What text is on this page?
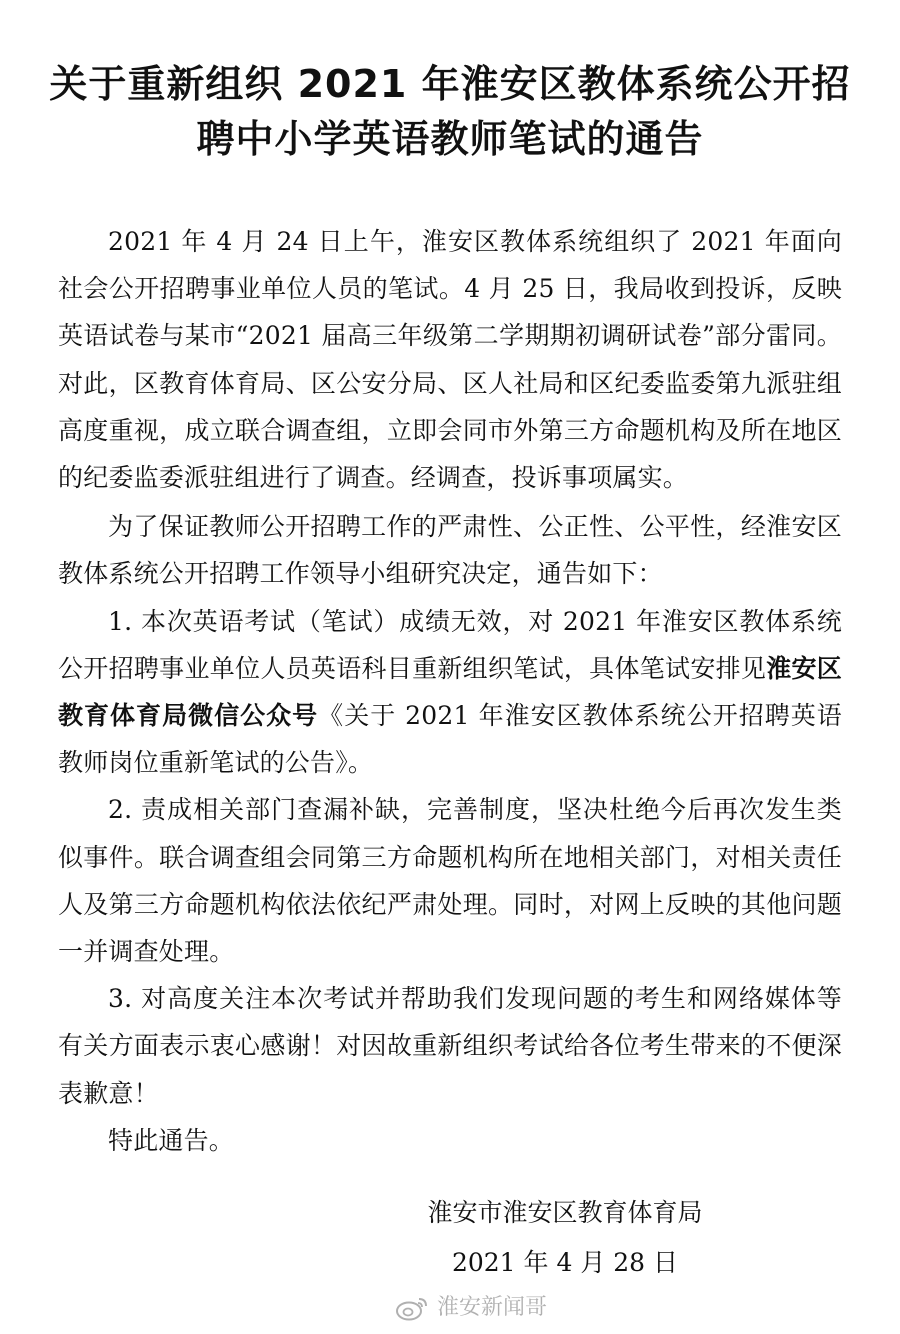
关于重新组织 2021 年淮安区教体系统公开招
聘中小学英语教师笔试的通告

2021 年 4 月 24 日上午，淮安区教体系统组织了 2021 年面向社会公开招聘事业单位人员的笔试。4 月 25 日，我局收到投诉，反映英语试卷与某市“2021 届高三年级第二学期期初调研试卷”部分雷同。对此，区教育体育局、区公安分局、区人社局和区纪委监委第九派驻组高度重视，成立联合调查组，立即会同市外第三方命题机构及所在地区的纪委监委派驻组进行了调查。经调查，投诉事项属实。

为了保证教师公开招聘工作的严肃性、公正性、公平性，经淮安区教体系统公开招聘工作领导小组研究决定，通告如下：

1. 本次英语考试（笔试）成绩无效，对 2021 年淮安区教体系统公开招聘事业单位人员英语科目重新组织笔试，具体笔试安排见淮安区教育体育局微信公众号《关于 2021 年淮安区教体系统公开招聘英语教师岗位重新笔试的公告》。

2. 责成相关部门查漏补缺，完善制度，坚决杜绝今后再次发生类似事件。联合调查组会同第三方命题机构所在地相关部门，对相关责任人及第三方命题机构依法依纪严肃处理。同时，对网上反映的其他问题一并调查处理。

3. 对高度关注本次考试并帮助我们发现问题的考生和网络媒体等有关方面表示衷心感谢！对因故重新组织考试给各位考生带来的不便深表歉意！

特此通告。

淮安市淮安区教育体育局
2021 年 4 月 28 日
淮安新闻哥
